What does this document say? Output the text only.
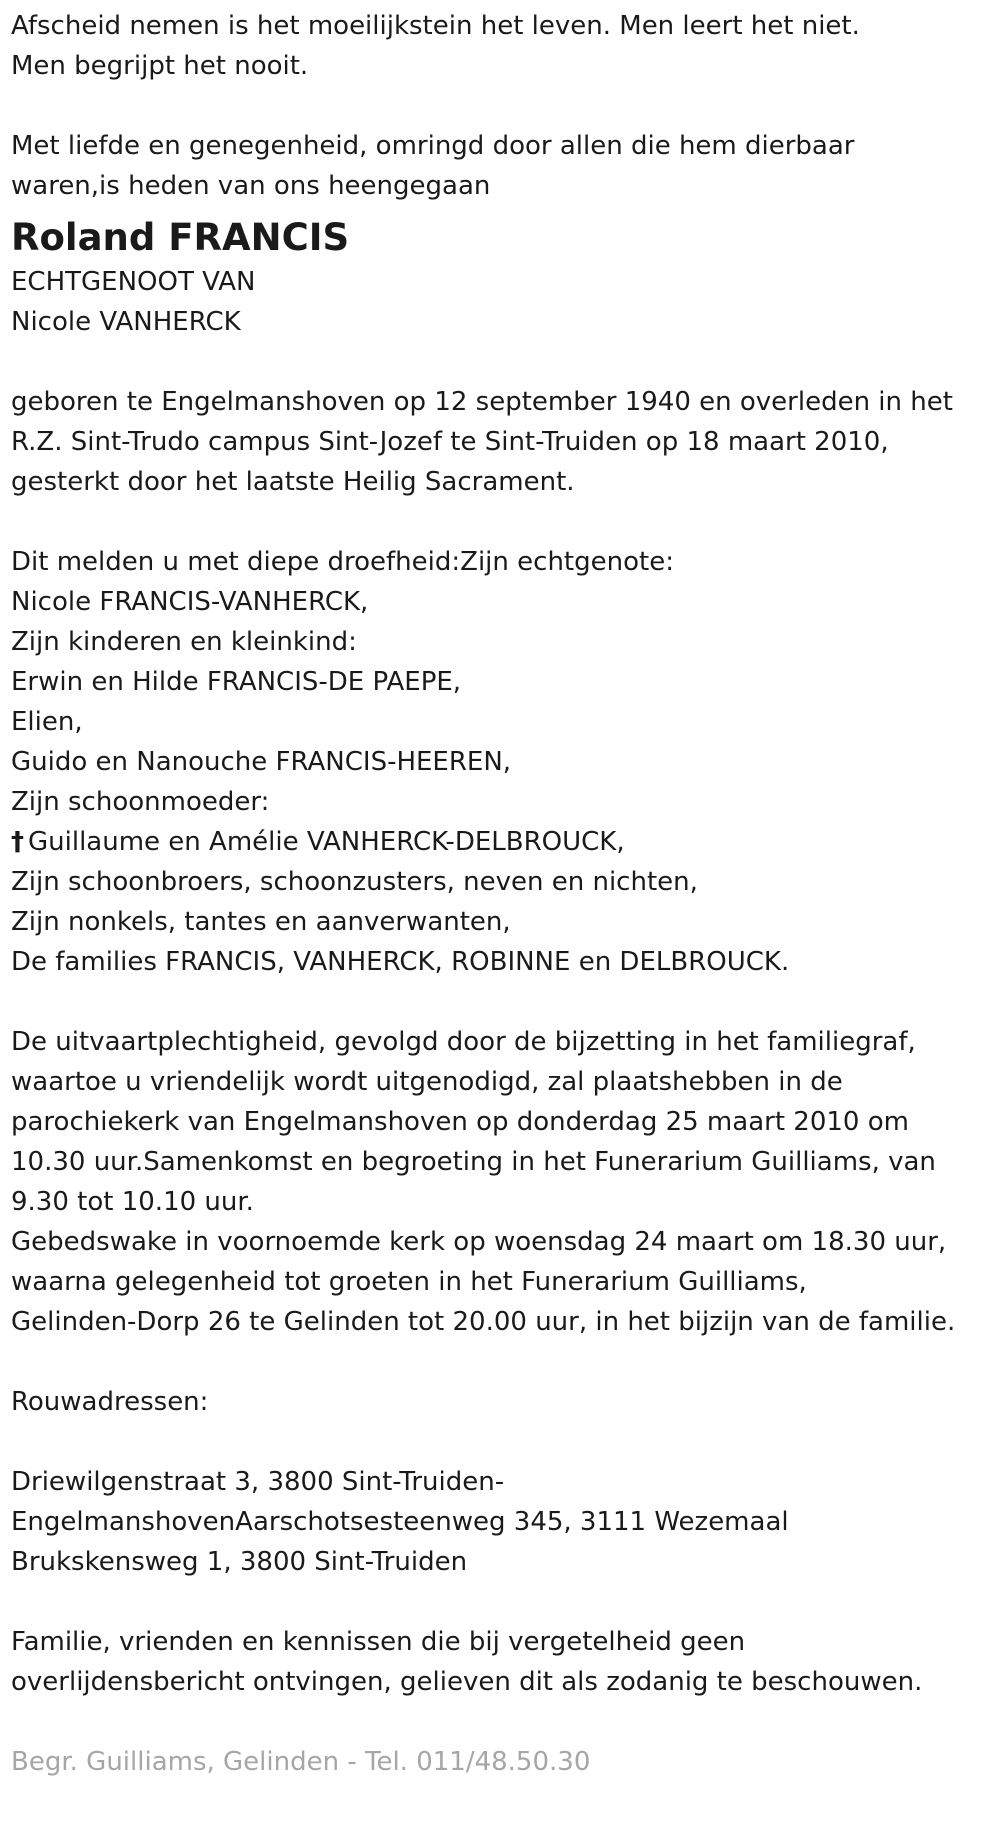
Afscheid nemen is het moeilijkstein het leven. Men leert het niet.

Men begrijpt het nooit.

Met liefde en genegenheid, omringd door allen die hem dierbaar

waren,is heden van ons heengegaan

Roland FRANCIS

ECHTGENOOT VAN

Nicole VANHERCK

geboren te Engelmanshoven op 12 september 1940 en overleden in het

R.Z. Sint-Trudo campus Sint-Jozef te Sint-Truiden op 18 maart 2010,

gesterkt door het laatste Heilig Sacrament.

Dit melden u met diepe droefheid:Zijn echtgenote:

Nicole FRANCIS-VANHERCK,

Zijn kinderen en kleinkind:

Erwin en Hilde FRANCIS-DE PAEPE,

Elien,

Guido en Nanouche FRANCIS-HEEREN,

Zijn schoonmoeder:

† Guillaume en Amélie VANHERCK-DELBROUCK,

Zijn schoonbroers, schoonzusters, neven en nichten,

Zijn nonkels, tantes en aanverwanten,

De families FRANCIS, VANHERCK, ROBINNE en DELBROUCK.

De uitvaartplechtigheid, gevolgd door de bijzetting in het familiegraf,

waartoe u vriendelijk wordt uitgenodigd, zal plaatshebben in de

parochiekerk van Engelmanshoven op donderdag 25 maart 2010 om

10.30 uur.Samenkomst en begroeting in het Funerarium Guilliams, van

9.30 tot 10.10 uur.

Gebedswake in voornoemde kerk op woensdag 24 maart om 18.30 uur,

waarna gelegenheid tot groeten in het Funerarium Guilliams,

Gelinden-Dorp 26 te Gelinden tot 20.00 uur, in het bijzijn van de familie.

Rouwadressen:

Driewilgenstraat 3, 3800 Sint-Truiden-

EngelmanshovenAarschotsesteenweg 345, 3111 Wezemaal

Brukskensweg 1, 3800 Sint-Truiden

Familie, vrienden en kennissen die bij vergetelheid geen

overlijdensbericht ontvingen, gelieven dit als zodanig te beschouwen.

Begr. Guilliams, Gelinden - Tel. 011/48.50.30
